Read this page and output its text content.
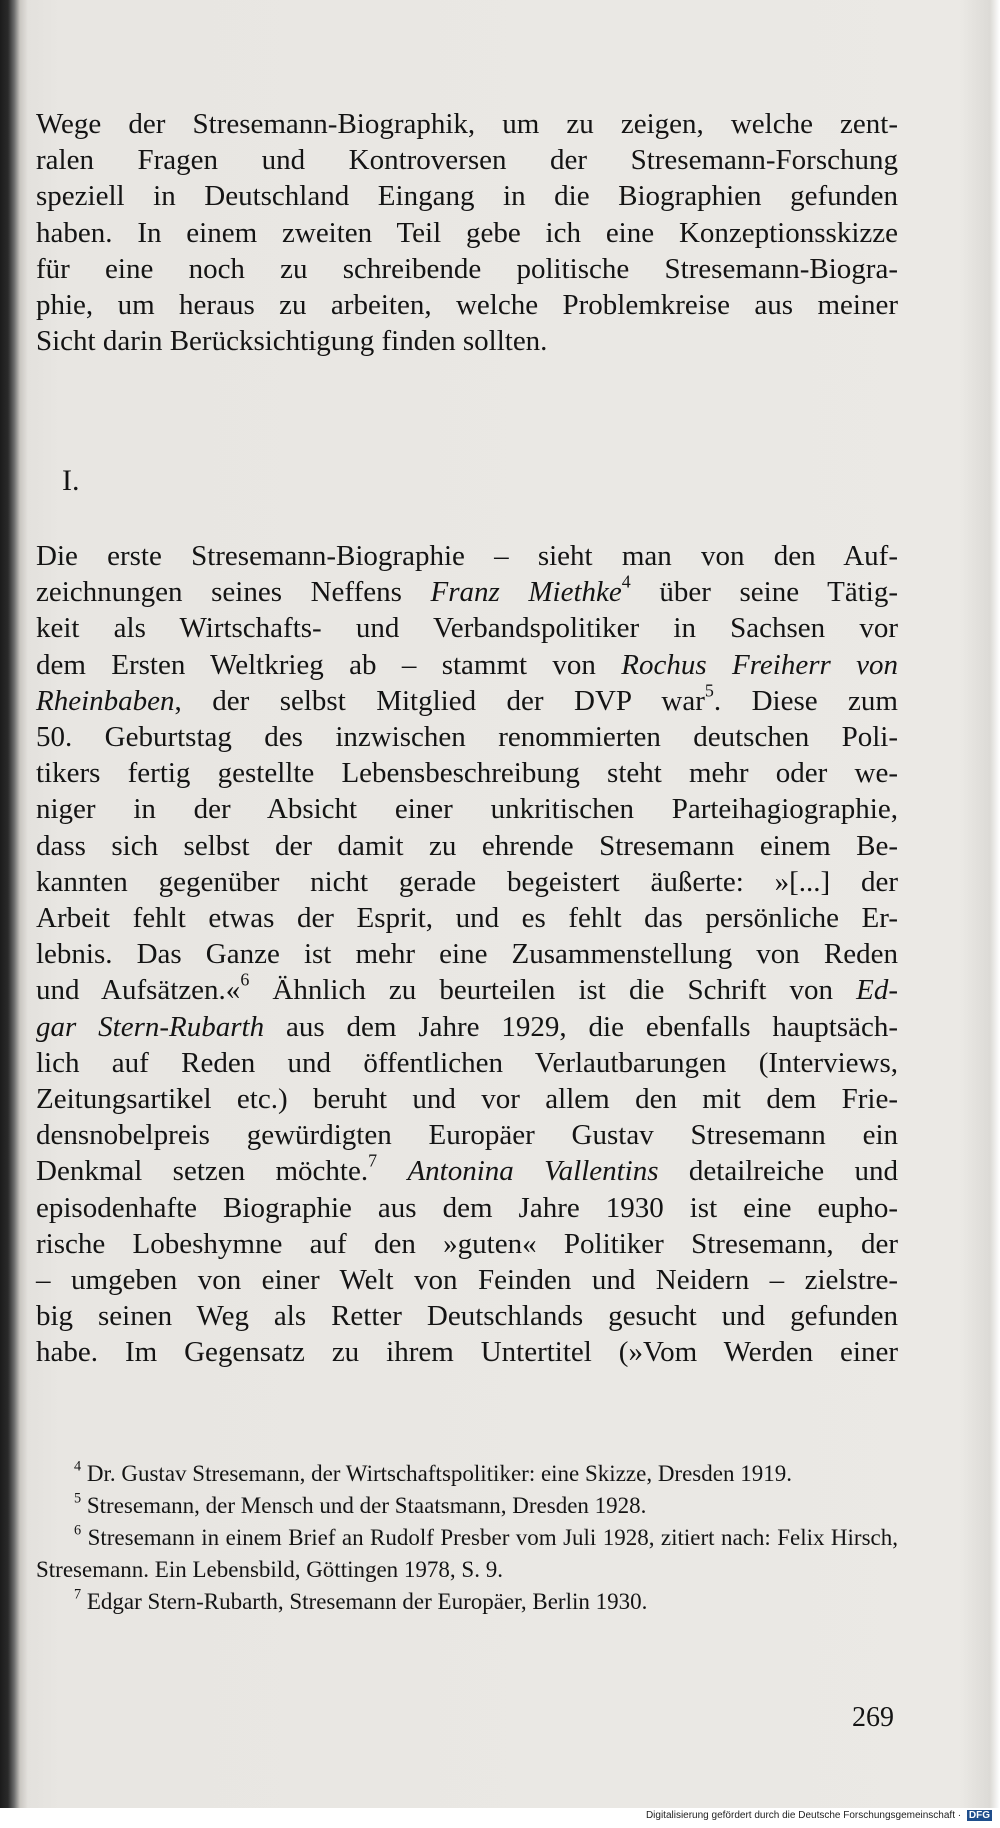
Wege der Stresemann-Biographik, um zu zeigen, welche zent-
ralen Fragen und Kontroversen der Stresemann-Forschung
speziell in Deutschland Eingang in die Biographien gefunden
haben. In einem zweiten Teil gebe ich eine Konzeptionsskizze
für eine noch zu schreibende politische Stresemann-Biogra-
phie, um heraus zu arbeiten, welche Problemkreise aus meiner
Sicht darin Berücksichtigung finden sollten.
I.
Die erste Stresemann-Biographie – sieht man von den Auf-
zeichnungen seines Neffens Franz Miethke$^4$ über seine Tätig-
keit als Wirtschafts- und Verbandspolitiker in Sachsen vor
dem Ersten Weltkrieg ab – stammt von Rochus Freiherr von
Rheinbaben, der selbst Mitglied der DVP war$^5$. Diese zum
50. Geburtstag des inzwischen renommierten deutschen Poli-
tikers fertig gestellte Lebensbeschreibung steht mehr oder we-
niger in der Absicht einer unkritischen Parteihagiographie,
dass sich selbst der damit zu ehrende Stresemann einem Be-
kannten gegenüber nicht gerade begeistert äußerte: »[...] der
Arbeit fehlt etwas der Esprit, und es fehlt das persönliche Er-
lebnis. Das Ganze ist mehr eine Zusammenstellung von Reden
und Aufsätzen.«$^6$ Ähnlich zu beurteilen ist die Schrift von Ed-
gar Stern-Rubarth aus dem Jahre 1929, die ebenfalls hauptsäch-
lich auf Reden und öffentlichen Verlautbarungen (Interviews,
Zeitungsartikel etc.) beruht und vor allem den mit dem Frie-
densnobelpreis gewürdigten Europäer Gustav Stresemann ein
Denkmal setzen möchte.$^7$ Antonina Vallentins detailreiche und
episodenhafte Biographie aus dem Jahre 1930 ist eine eupho-
rische Lobeshymne auf den »guten« Politiker Stresemann, der
– umgeben von einer Welt von Feinden und Neidern – zielstre-
big seinen Weg als Retter Deutschlands gesucht und gefunden
habe. Im Gegensatz zu ihrem Untertitel (»Vom Werden einer

$^4$ Dr. Gustav Stresemann, der Wirtschaftspolitiker: eine Skizze, Dresden 1919.

$^5$ Stresemann, der Mensch und der Staatsmann, Dresden 1928.

$^6$ Stresemann in einem Brief an Rudolf Presber vom Juli 1928, zitiert nach: Felix Hirsch, Stresemann. Ein Lebensbild, Göttingen 1978, S. 9.

$^7$ Edgar Stern-Rubarth, Stresemann der Europäer, Berlin 1930.

269
Digitalisierung gefördert durch die Deutsche Forschungsgemeinschaft · DFG
